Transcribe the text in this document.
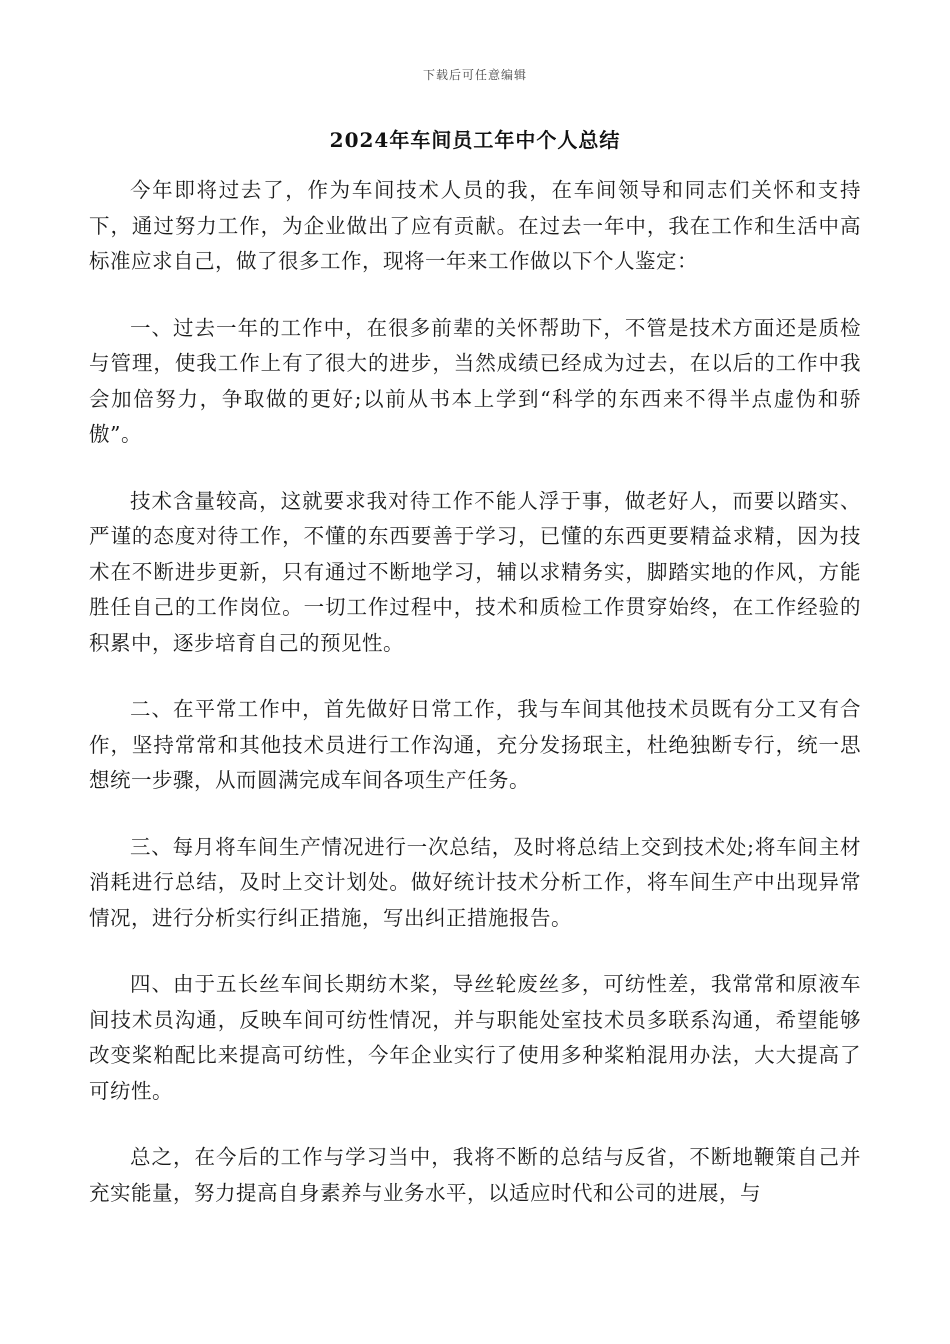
下载后可任意编辑
2024年车间员工年中个人总结

今年即将过去了，作为车间技术人员的我，在车间领导和同志们关怀和支持下，通过努力工作，为企业做出了应有贡献。在过去一年中，我在工作和生活中高标准应求自己，做了很多工作，现将一年来工作做以下个人鉴定：

一、过去一年的工作中，在很多前辈的关怀帮助下，不管是技术方面还是质检与管理，使我工作上有了很大的进步，当然成绩已经成为过去，在以后的工作中我会加倍努力，争取做的更好;以前从书本上学到“科学的东西来不得半点虚伪和骄傲”。

技术含量较高，这就要求我对待工作不能人浮于事，做老好人，而要以踏实、严谨的态度对待工作，不懂的东西要善于学习，已懂的东西更要精益求精，因为技术在不断进步更新，只有通过不断地学习，辅以求精务实，脚踏实地的作风，方能胜任自己的工作岗位。一切工作过程中，技术和质检工作贯穿始终，在工作经验的积累中，逐步培育自己的预见性。

二、在平常工作中，首先做好日常工作，我与车间其他技术员既有分工又有合作，坚持常常和其他技术员进行工作沟通，充分发扬珉主，杜绝独断专行，统一思想统一步骤，从而圆满完成车间各项生产任务。

三、每月将车间生产情况进行一次总结，及时将总结上交到技术处;将车间主材消耗进行总结，及时上交计划处。做好统计技术分析工作，将车间生产中出现异常情况，进行分析实行纠正措施，写出纠正措施报告。

四、由于五长丝车间长期纺木桨，导丝轮废丝多，可纺性差，我常常和原液车间技术员沟通，反映车间可纺性情况，并与职能处室技术员多联系沟通，希望能够改变桨粕配比来提高可纺性，今年企业实行了使用多种桨粕混用办法，大大提高了可纺性。

总之，在今后的工作与学习当中，我将不断的总结与反省，不断地鞭策自己并充实能量，努力提高自身素养与业务水平，以适应时代和公司的进展，与
